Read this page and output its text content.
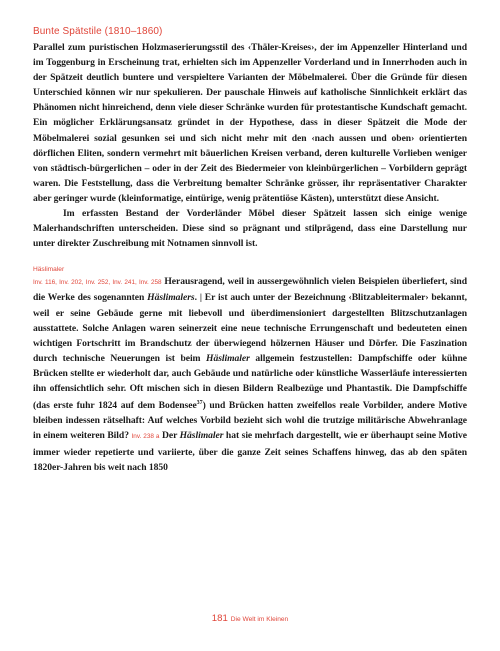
Bunte Spätstile (1810–1860)

Parallel zum puristischen Holzmaserierungsstil des ‹Thäler-Kreises›, der im Appenzeller Hinterland und im Toggenburg in Erscheinung trat, erhielten sich im Appenzeller Vorderland und in Innerrhoden auch in der Spätzeit deutlich buntere und verspieltere Varianten der Möbelmalerei. Über die Gründe für diesen Unterschied können wir nur spekulieren. Der pauschale Hinweis auf katholische Sinnlichkeit erklärt das Phänomen nicht hinreichend, denn viele dieser Schränke wurden für protestantische Kundschaft gemacht. Ein möglicher Erklärungsansatz gründet in der Hypothese, dass in dieser Spätzeit die Mode der Möbelmalerei sozial gesunken sei und sich nicht mehr mit den ‹nach aussen und oben› orientierten dörflichen Eliten, sondern vermehrt mit bäuerlichen Kreisen verband, deren kulturelle Vorlieben weniger von städtisch-bürgerlichen – oder in der Zeit des Biedermeier von kleinbürgerlichen – Vorbildern geprägt waren. Die Feststellung, dass die Verbreitung bemalter Schränke grösser, ihr repräsentativer Charakter aber geringer wurde (kleinformatige, eintürige, wenig prätentiöse Kästen), unterstützt diese Ansicht.

Im erfassten Bestand der Vorderländer Möbel dieser Spätzeit lassen sich einige wenige Malerhandschriften unterscheiden. Diese sind so prägnant und stilprägend, dass eine Darstellung nur unter direkter Zuschreibung mit Notnamen sinnvoll ist.

Häslimaler

Inv. 116, Inv. 202, Inv. 252, Inv. 241, Inv. 258 Herausragend, weil in aussergewöhnlich vielen Beispielen überliefert, sind die Werke des sogenannten Häslimalers. | Er ist auch unter der Bezeichnung ‹Blitzableitermaler› bekannt, weil er seine Gebäude gerne mit liebevoll und überdimensioniert dargestellten Blitzschutzanlagen ausstattete. Solche Anlagen waren seinerzeit eine neue technische Errungenschaft und bedeuteten einen wichtigen Fortschritt im Brandschutz der überwiegend hölzernen Häuser und Dörfer. Die Faszination durch technische Neuerungen ist beim Häslimaler allgemein festzustellen: Dampfschiffe oder kühne Brücken stellte er wiederholt dar, auch Gebäude und natürliche oder künstliche Wasserläufe interessierten ihn offensichtlich sehr. Oft mischen sich in diesen Bildern Realbezüge und Phantastik. Die Dampfschiffe (das erste fuhr 1824 auf dem Bodensee$^{37}$) und Brücken hatten zweifellos reale Vorbilder, andere Motive bleiben indessen rätselhaft: Auf welches Vorbild bezieht sich wohl die trutzige militärische Abwehranlage in einem weiteren Bild? Inv. 238 a Der Häslimaler hat sie mehrfach dargestellt, wie er überhaupt seine Motive immer wieder repetierte und variierte, über die ganze Zeit seines Schaffens hinweg, das ab den späten 1820er-Jahren bis weit nach 1850

181 Die Welt im Kleinen
